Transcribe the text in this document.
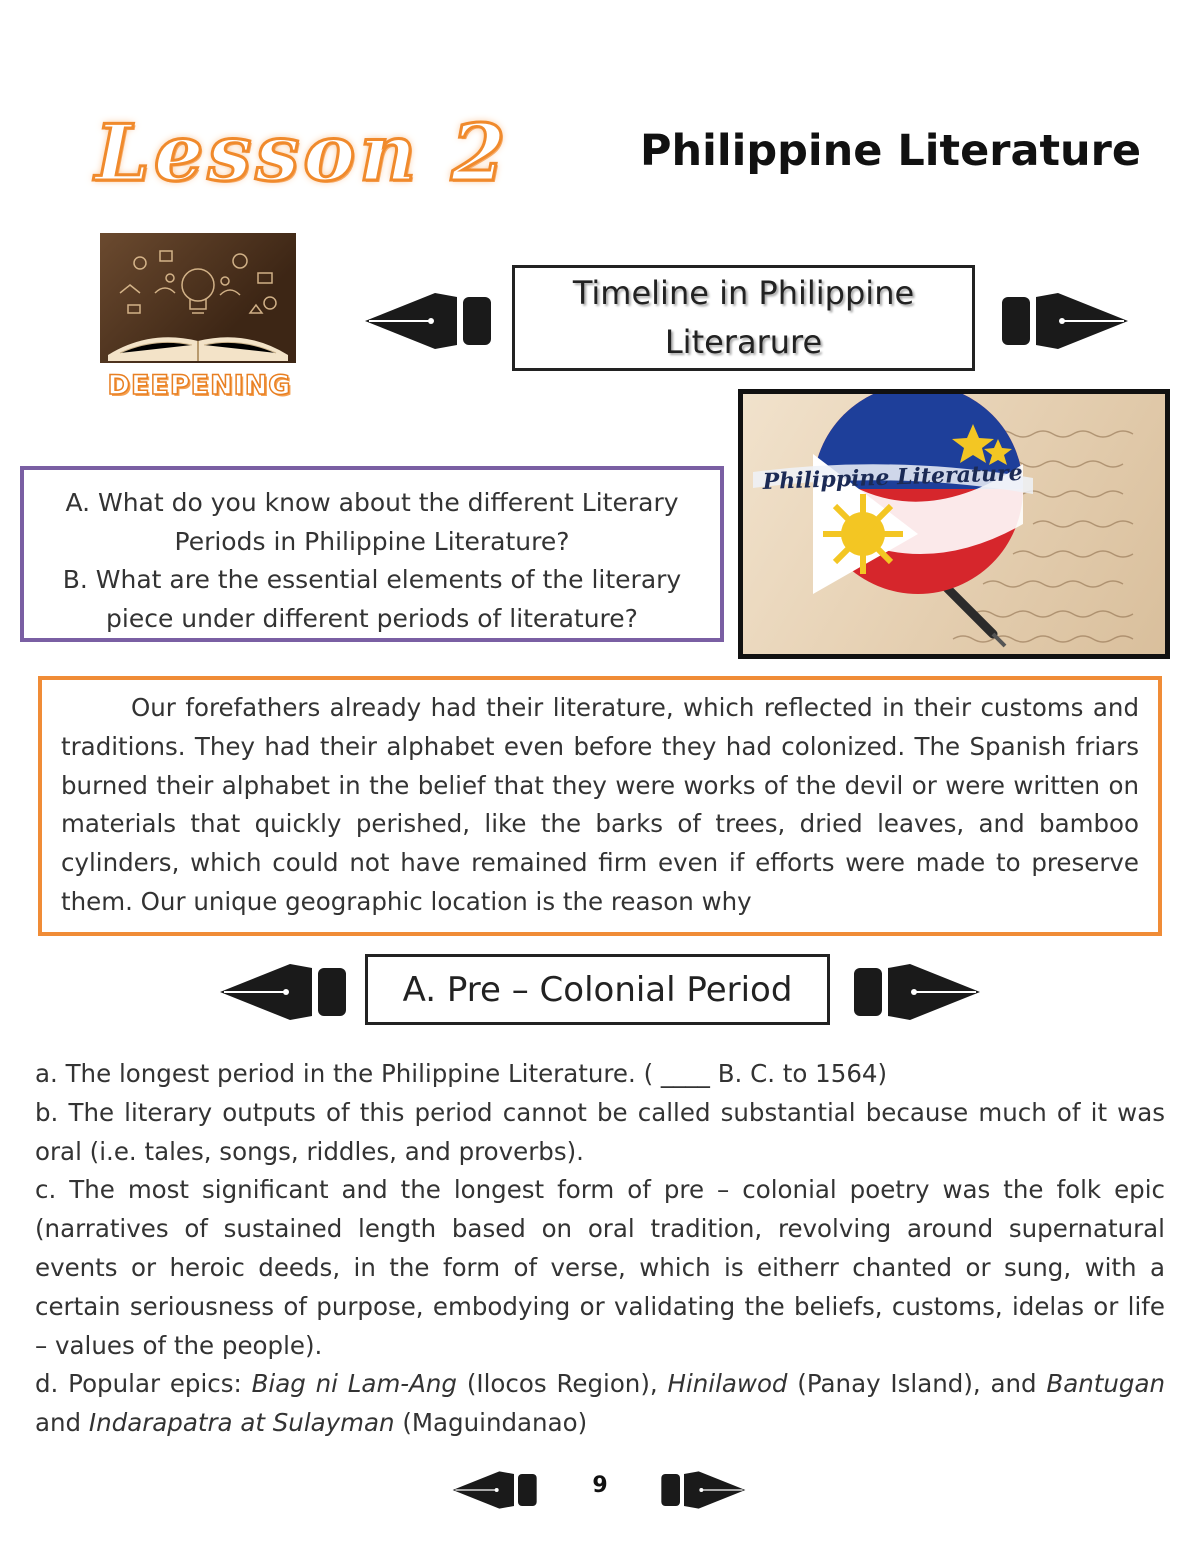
Lesson 2	Philippine Literature
DEEPENING
Timeline in Philippine Literarure
Philippine Literature
A. What do you know about the different Literary Periods in Philippine Literature?
B. What are the essential elements of the literary piece under different periods of literature?

Our forefathers already had their literature, which reflected in their customs and traditions. They had their alphabet even before they had colonized. The Spanish friars burned their alphabet in the belief that they were works of the devil or were written on materials that quickly perished, like the barks of trees, dried leaves, and bamboo cylinders, which could not have remained firm even if efforts were made to preserve them. Our unique geographic location is the reason why

A. Pre – Colonial Period

a. The longest period in the Philippine Literature. ( ____ B. C. to 1564)

b. The literary outputs of this period cannot be called substantial because much of it was oral (i.e. tales, songs, riddles, and proverbs).

c. The most significant and the longest form of pre – colonial poetry was the folk epic (narratives of sustained length based on oral tradition, revolving around supernatural events or heroic deeds, in the form of verse, which is eitherr chanted or sung, with a certain seriousness of purpose, embodying or validating the beliefs, customs, idelas or life – values of the people).

d. Popular epics: Biag ni Lam-Ang (Ilocos Region), Hinilawod (Panay Island), and Bantugan and Indarapatra at Sulayman (Maguindanao)

9
